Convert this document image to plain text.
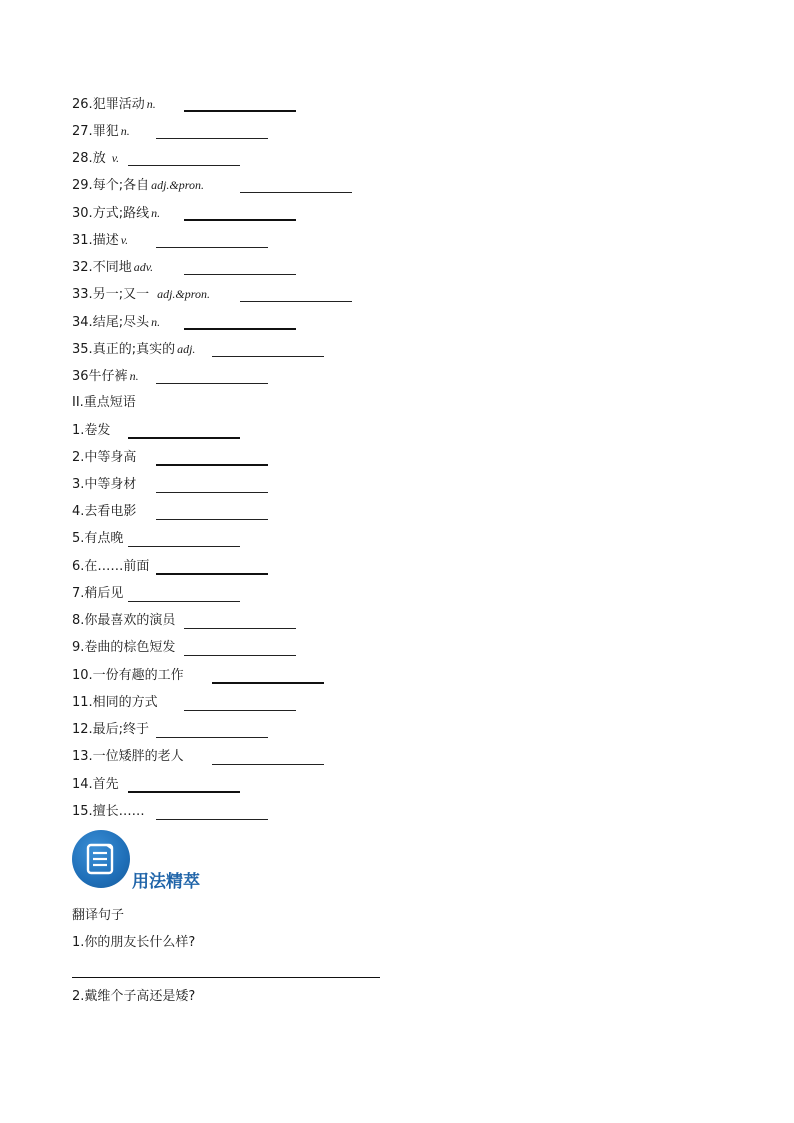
26.犯罪活动 n.
27.罪犯 n.
28.放 v.
29.每个;各自 adj.&pron.
30.方式;路线 n.
31.描述 v.
32.不同地 adv.
33.另一;又一 adj.&pron.
34.结尾;尽头 n.
35.真正的;真实的 adj.
36牛仔裤 n.
II.重点短语
1.卷发
2.中等身高
3.中等身材
4.去看电影
5.有点晚
6.在……前面
7.稍后见
8.你最喜欢的演员
9.卷曲的棕色短发
10.一份有趣的工作
11.相同的方式
12.最后;终于
13.一位矮胖的老人
14.首先
15.擅长……
用法精萃
翻译句子
1.你的朋友长什么样?
2.戴维个子高还是矮?
